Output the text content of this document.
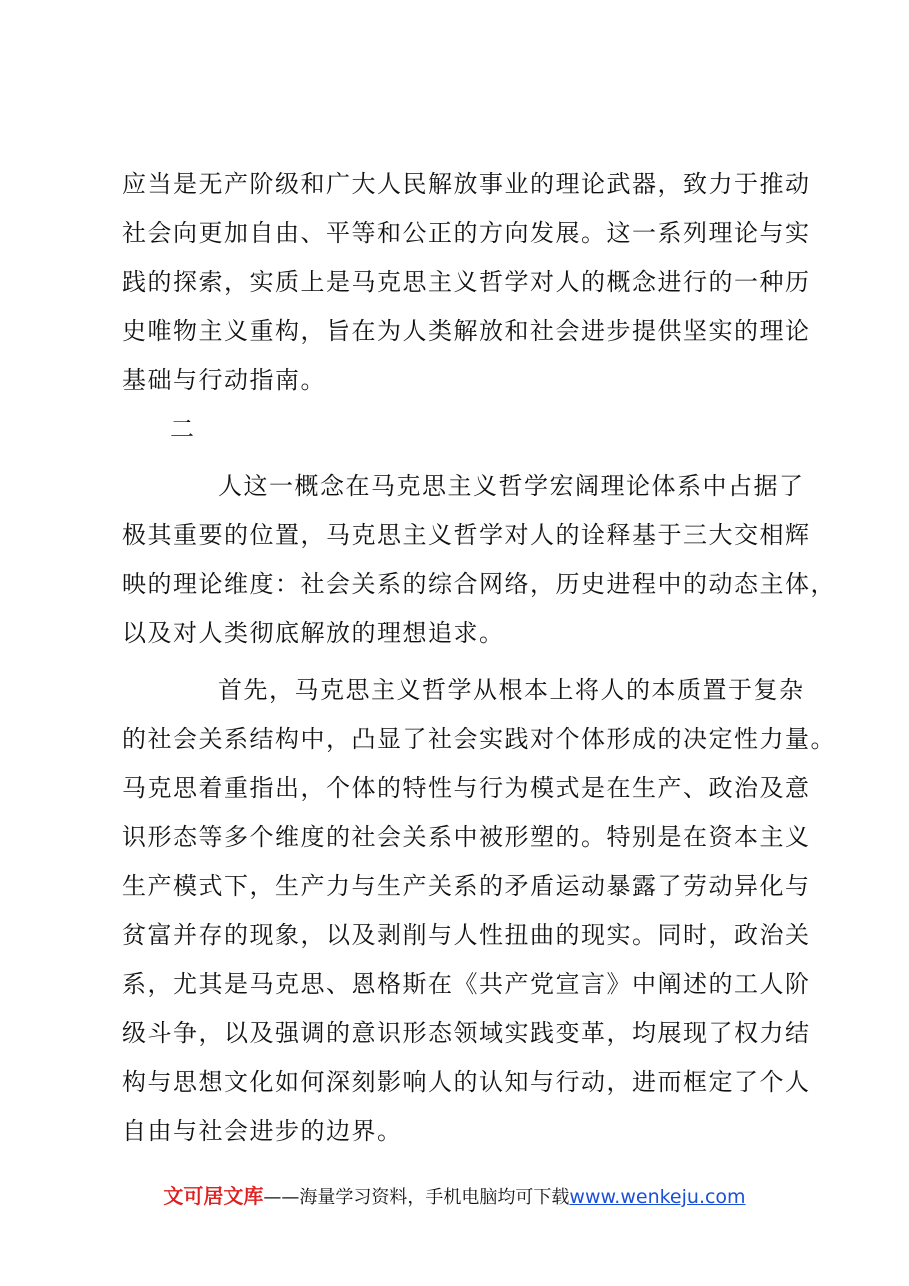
应当是无产阶级和广大人民解放事业的理论武器，致力于推动
社会向更加自由、平等和公正的方向发展。这一系列理论与实
践的探索，实质上是马克思主义哲学对人的概念进行的一种历
史唯物主义重构，旨在为人类解放和社会进步提供坚实的理论
基础与行动指南。
二
人这一概念在马克思主义哲学宏阔理论体系中占据了
极其重要的位置，马克思主义哲学对人的诠释基于三大交相辉
映的理论维度：社会关系的综合网络，历史进程中的动态主体，
以及对人类彻底解放的理想追求。
首先，马克思主义哲学从根本上将人的本质置于复杂
的社会关系结构中，凸显了社会实践对个体形成的决定性力量。
马克思着重指出，个体的特性与行为模式是在生产、政治及意
识形态等多个维度的社会关系中被形塑的。特别是在资本主义
生产模式下，生产力与生产关系的矛盾运动暴露了劳动异化与
贫富并存的现象，以及剥削与人性扭曲的现实。同时，政治关
系，尤其是马克思、恩格斯在《共产党宣言》中阐述的工人阶
级斗争，以及强调的意识形态领域实践变革，均展现了权力结
构与思想文化如何深刻影响人的认知与行动，进而框定了个人
自由与社会进步的边界。
文可居文库——海量学习资料，手机电脑均可下载www.wenkeju.com
